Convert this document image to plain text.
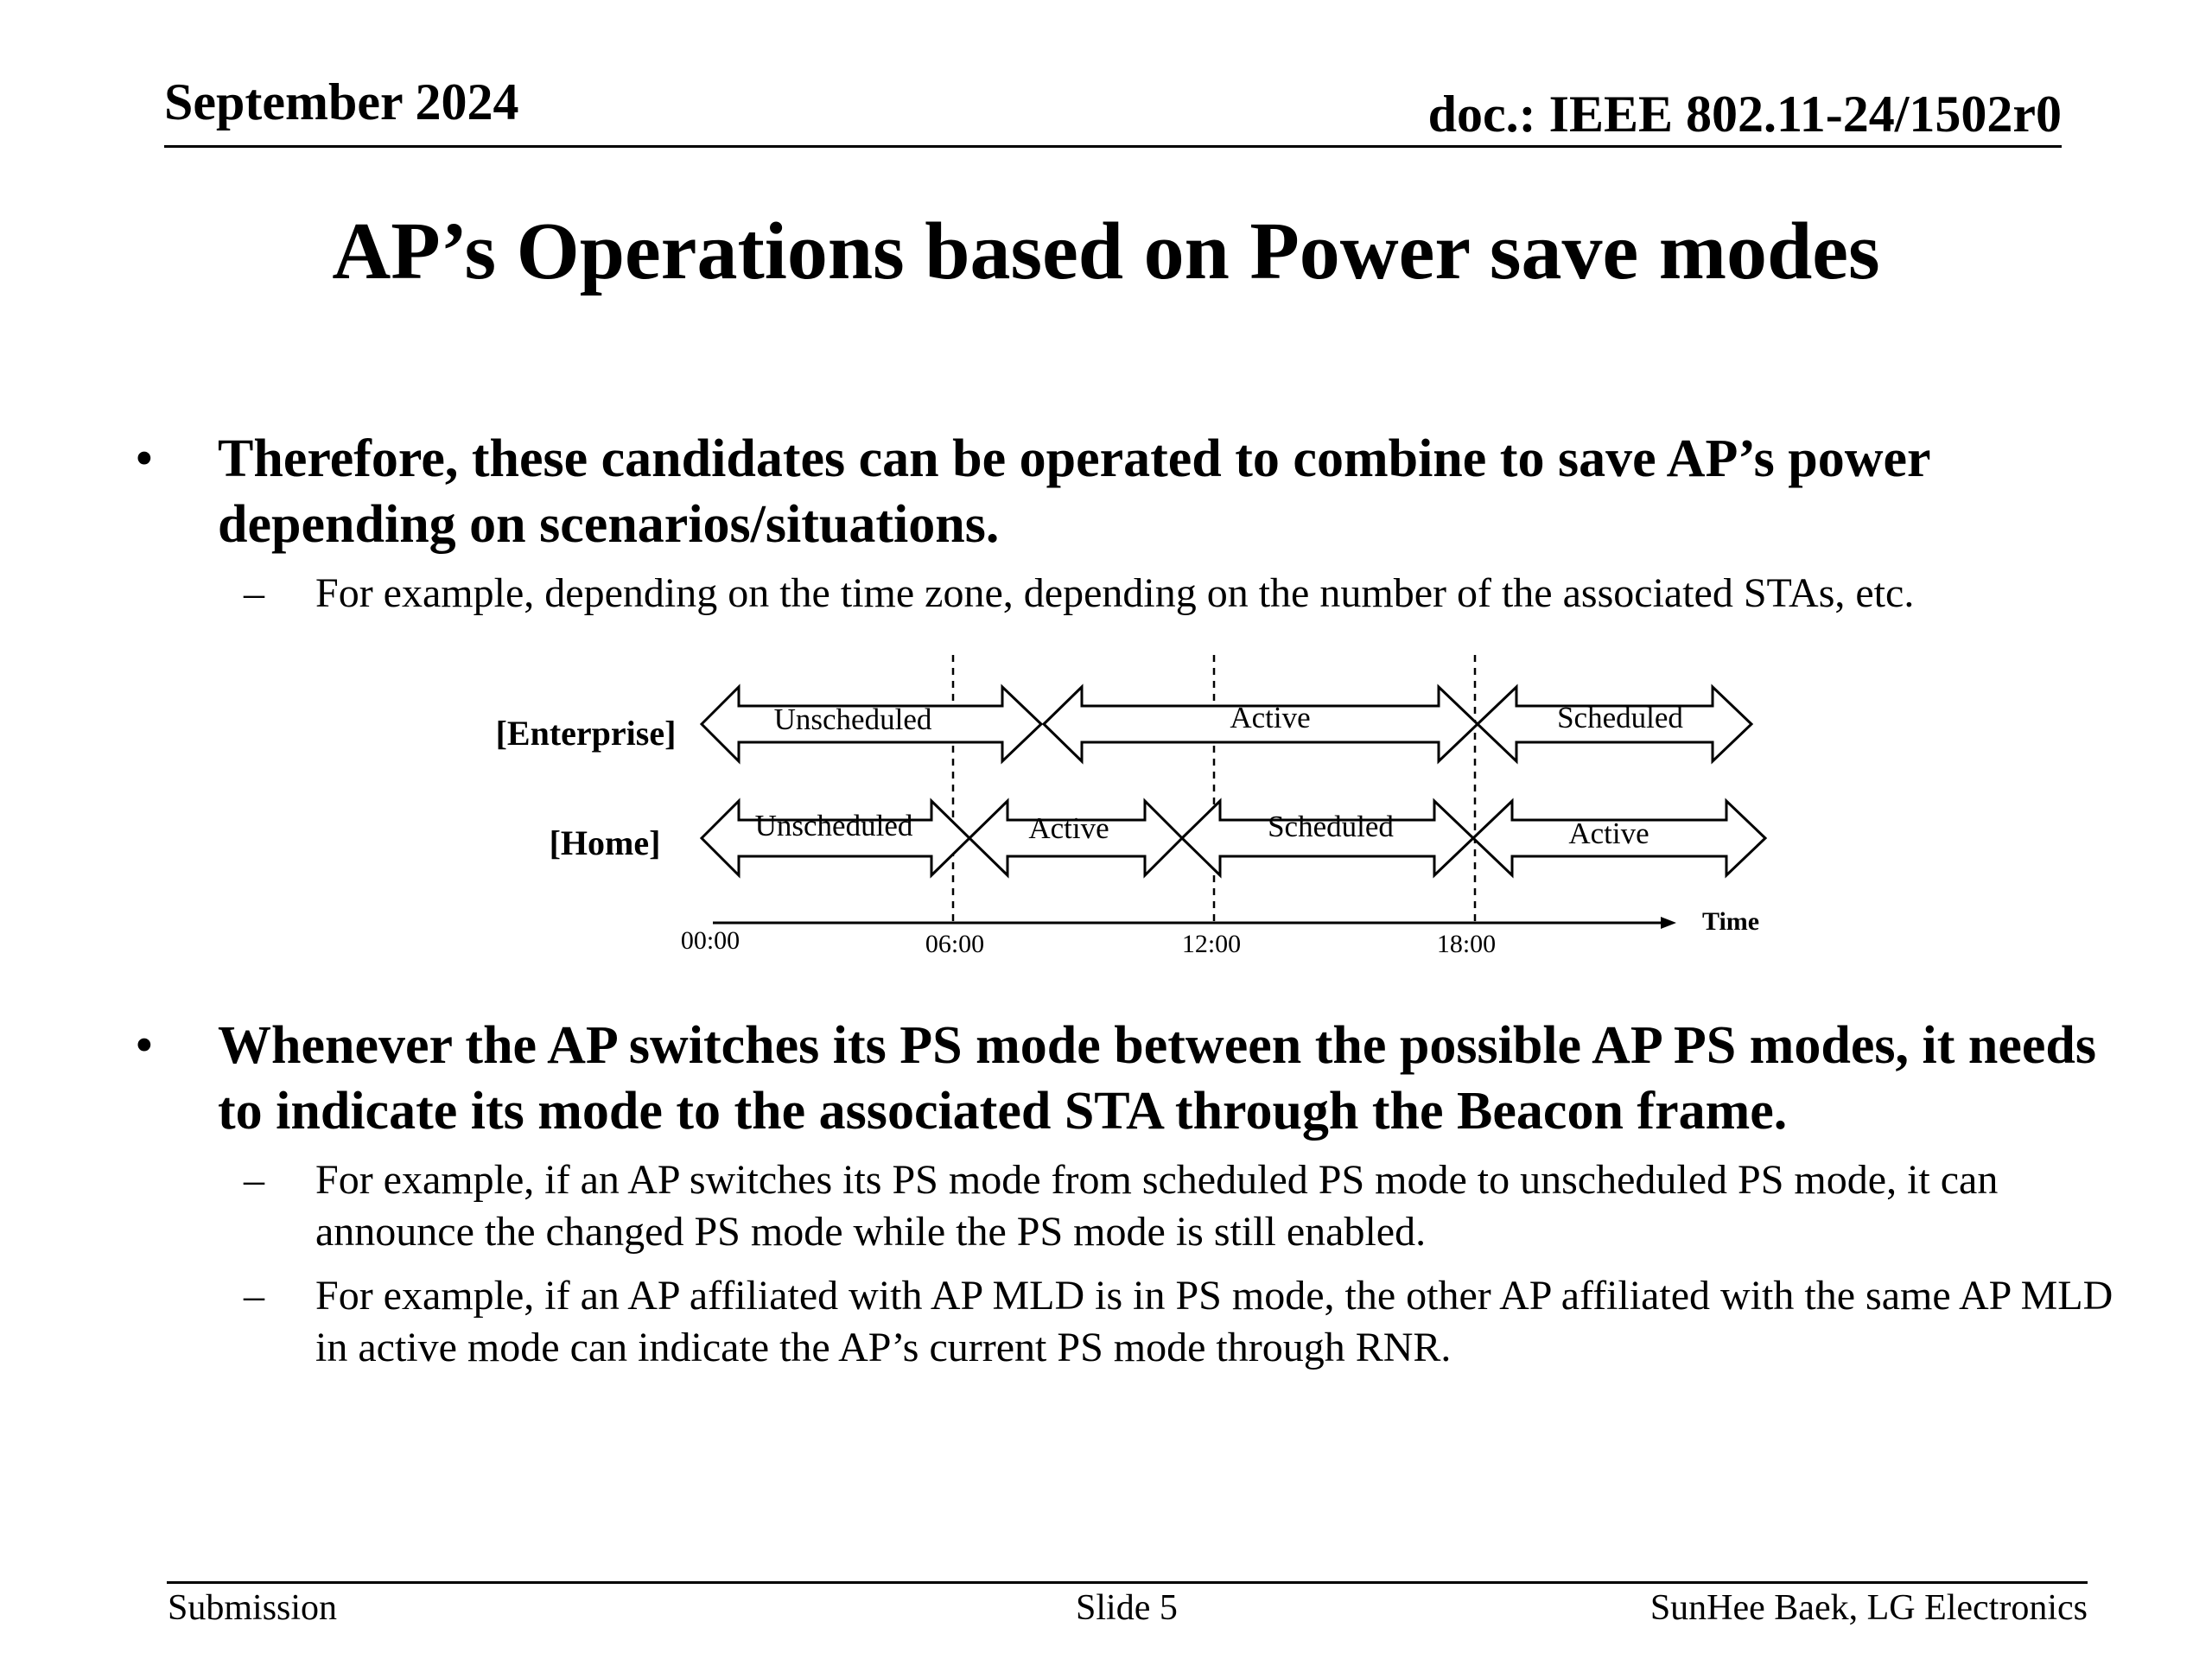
September 2024	doc.: IEEE 802.11-24/1502r0
AP’s Operations based on Power save modes
• Therefore, these candidates can be operated to combine to save AP’s power depending on scenarios/situations.
– For example, depending on the time zone, depending on the number of the associated STAs, etc.
[Enterprise]
[Home]
Unscheduled	Active	Scheduled
Unscheduled	Active	Scheduled	Active
Time
00:00	06:00	12:00	18:00
• Whenever the AP switches its PS mode between the possible AP PS modes, it needs to indicate its mode to the associated STA through the Beacon frame.
– For example, if an AP switches its PS mode from scheduled PS mode to unscheduled PS mode, it can announce the changed PS mode while the PS mode is still enabled.
– For example, if an AP affiliated with AP MLD is in PS mode, the other AP affiliated with the same AP MLD in active mode can indicate the AP’s current PS mode through RNR.
Submission	Slide 5	SunHee Baek, LG Electronics
